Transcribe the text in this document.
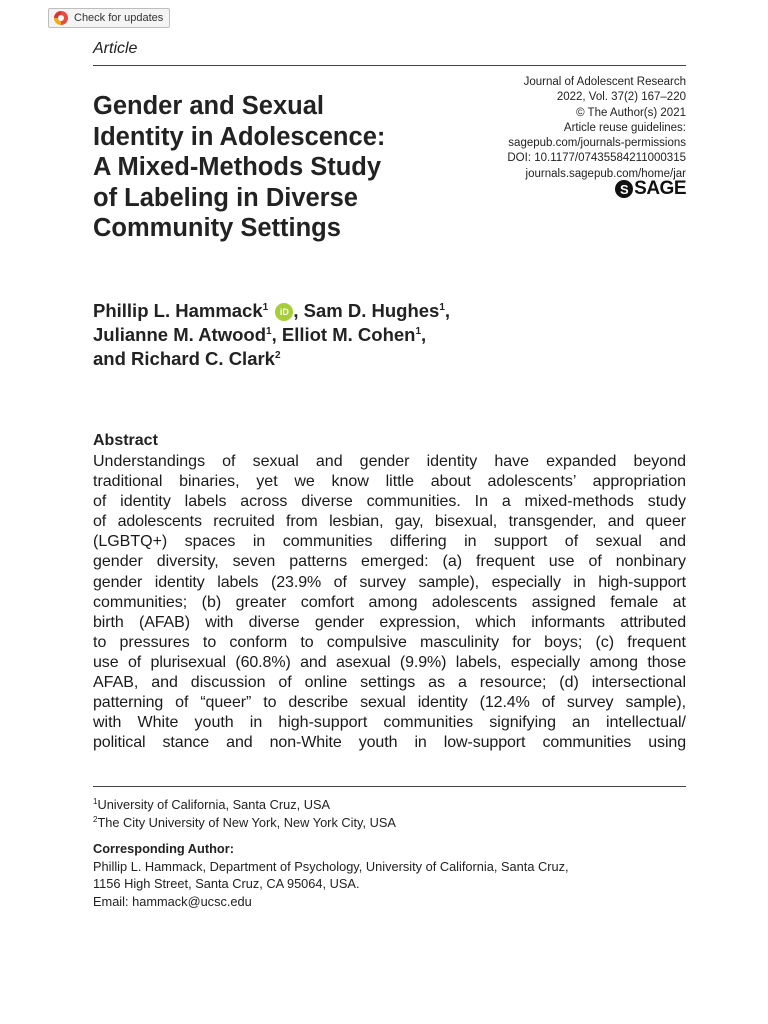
Check for updates
Article
Gender and Sexual
Identity in Adolescence:
A Mixed-Methods Study
of Labeling in Diverse
Community Settings
Journal of Adolescent Research
2022, Vol. 37(2) 167–220
© The Author(s) 2021
Article reuse guidelines:
sagepub.com/journals-permissions
DOI: 10.1177/07435584211000315
journals.sagepub.com/home/jar
S SAGE
Phillip L. Hammack$^1$ iD , Sam D. Hughes$^1$,
Julianne M. Atwood$^1$, Elliot M. Cohen$^1$,
and Richard C. Clark$^2$
Abstract

Understandings of sexual and gender identity have expanded beyond
traditional binaries, yet we know little about adolescents’ appropriation
of identity labels across diverse communities. In a mixed-methods study
of adolescents recruited from lesbian, gay, bisexual, transgender, and queer
(LGBTQ+) spaces in communities differing in support of sexual and
gender diversity, seven patterns emerged: (a) frequent use of nonbinary
gender identity labels (23.9% of survey sample), especially in high-support
communities; (b) greater comfort among adolescents assigned female at
birth (AFAB) with diverse gender expression, which informants attributed
to pressures to conform to compulsive masculinity for boys; (c) frequent
use of plurisexual (60.8%) and asexual (9.9%) labels, especially among those
AFAB, and discussion of online settings as a resource; (d) intersectional
patterning of “queer” to describe sexual identity (12.4% of survey sample),
with White youth in high-support communities signifying an intellectual/
political stance and non-White youth in low-support communities using

$^1$University of California, Santa Cruz, USA
$^2$The City University of New York, New York City, USA
Corresponding Author:
Phillip L. Hammack, Department of Psychology, University of California, Santa Cruz,
1156 High Street, Santa Cruz, CA 95064, USA.
Email: hammack@ucsc.edu
